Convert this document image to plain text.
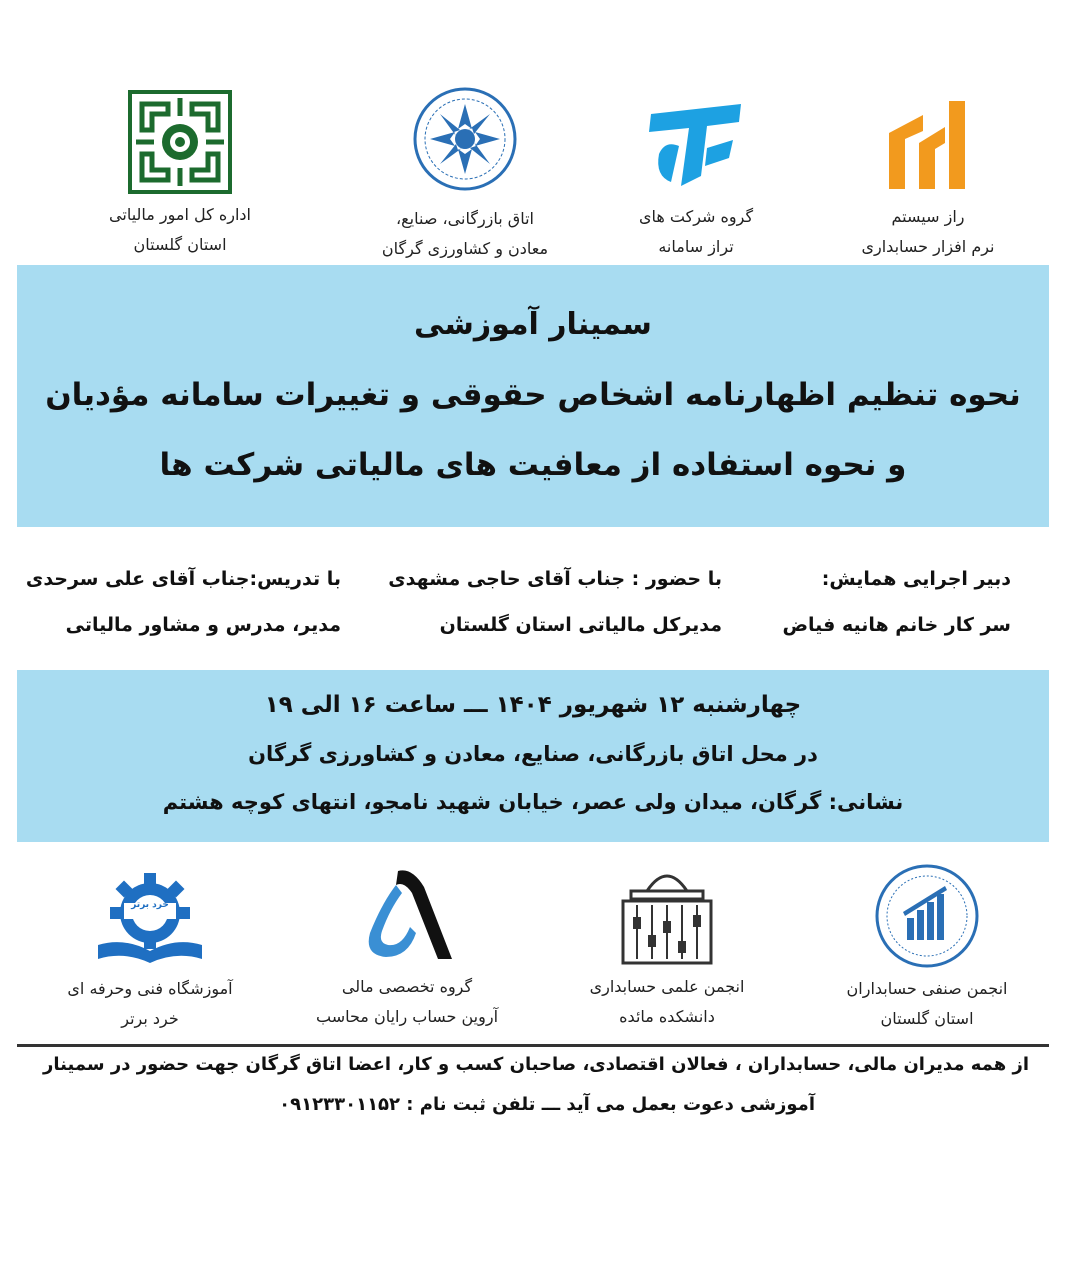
راز سیستم
نرم افزار حسابداری
گروه شرکت های
تراز سامانه
اتاق بازرگانی، صنایع،
معادن و کشاورزی گرگان
اداره کل امور مالیاتی
استان گلستان
سمینار آموزشی
نحوه تنظیم اظهارنامه اشخاص حقوقی و تغییرات سامانه مؤدیان
و نحوه استفاده از معافیت های مالیاتی شرکت ها
دبیر اجرایی همایش:
سر کار خانم هانیه فیاض
با حضور : جناب آقای حاجی مشهدی
مدیرکل مالیاتی استان گلستان
با تدریس:جناب آقای علی سرحدی
مدیر، مدرس و مشاور مالیاتی
چهارشنبه ۱۲ شهریور ۱۴۰۴ ـــ ساعت ۱۶ الی ۱۹
در محل اتاق بازرگانی، صنایع، معادن و کشاورزی گرگان
نشانی: گرگان، میدان ولی عصر، خیابان شهید نامجو، انتهای کوچه هشتم
انجمن صنفی حسابداران
استان گلستان
انجمن علمی حسابداری
دانشکده مائده
گروه تخصصی مالی
آروین حساب رایان محاسب
خرد برتر
آموزشگاه فنی وحرفه ای
خرد برتر
از همه مدیران مالی، حسابداران ، فعالان اقتصادی، صاحبان کسب و کار، اعضا اتاق گرگان جهت حضور در سمینار
آموزشی دعوت بعمل می آید ـــ تلفن ثبت نام : ۰۹۱۲۳۳۰۱۱۵۲
